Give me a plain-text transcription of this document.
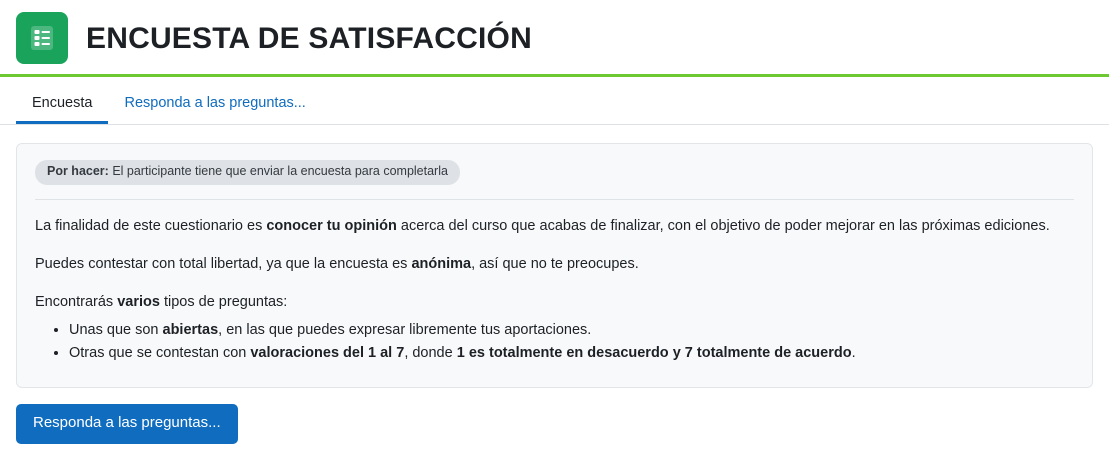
ENCUESTA DE SATISFACCIÓN
Encuesta	Responda a las preguntas...
Por hacer: El participante tiene que enviar la encuesta para completarla

La finalidad de este cuestionario es conocer tu opinión acerca del curso que acabas de finalizar, con el objetivo de poder mejorar en las próximas ediciones.

Puedes contestar con total libertad, ya que la encuesta es anónima, así que no te preocupes.

Encontrarás varios tipos de preguntas:

• Unas que son abiertas, en las que puedes expresar libremente tus aportaciones.
• Otras que se contestan con valoraciones del 1 al 7, donde 1 es totalmente en desacuerdo y 7 totalmente de acuerdo.
Responda a las preguntas...
